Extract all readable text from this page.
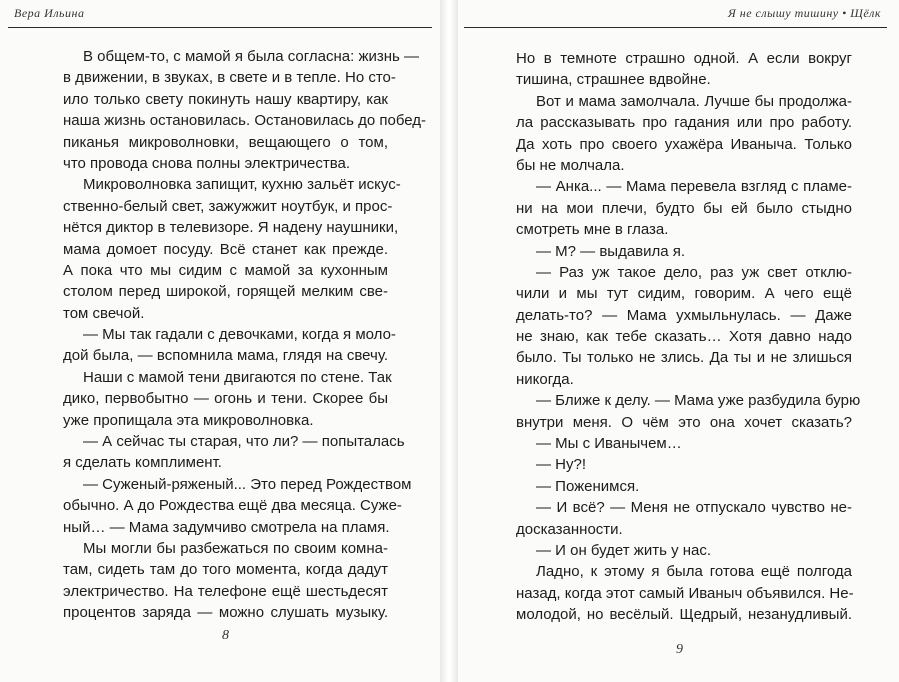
Вера Ильина
В общем-то, с мамой я была согласна: жизнь —
в движении, в звуках, в свете и в тепле. Но сто-
ило только свету покинуть нашу квартиру, как
наша жизнь остановилась. Остановилась до побед-
пиканья микроволновки, вещающего о том,
что провода снова полны электричества.
Микроволновка запищит, кухню зальёт искус-
ственно-белый свет, зажужжит ноутбук, и прос-
нётся диктор в телевизоре. Я надену наушники,
мама домоет посуду. Всё станет как прежде.
А пока что мы сидим с мамой за кухонным
столом перед широкой, горящей мелким све-
том свечой.
— Мы так гадали с девочками, когда я моло-
дой была, — вспомнила мама, глядя на свечу.
Наши с мамой тени двигаются по стене. Так
дико, первобытно — огонь и тени. Скорее бы
уже пропищала эта микроволновка.
— А сейчас ты старая, что ли? — попыталась
я сделать комплимент.
— Суженый-ряженый... Это перед Рождеством
обычно. А до Рождества ещё два месяца. Суже-
ный… — Мама задумчиво смотрела на пламя.
Мы могли бы разбежаться по своим комна-
там, сидеть там до того момента, когда дадут
электричество. На телефоне ещё шестьдесят
процентов заряда — можно слушать музыку.
8
Я не слышу тишину • Щёлк
Но в темноте страшно одной. А если вокруг
тишина, страшнее вдвойне.
Вот и мама замолчала. Лучше бы продолжа-
ла рассказывать про гадания или про работу.
Да хоть про своего ухажёра Иваныча. Только
бы не молчала.
— Анка... — Мама перевела взгляд с пламе-
ни на мои плечи, будто бы ей было стыдно
смотреть мне в глаза.
— М? — выдавила я.
— Раз уж такое дело, раз уж свет отклю-
чили и мы тут сидим, говорим. А чего ещё
делать-то? — Мама ухмыльнулась. — Даже
не знаю, как тебе сказать… Хотя давно надо
было. Ты только не злись. Да ты и не злишься
никогда.
— Ближе к делу. — Мама уже разбудила бурю
внутри меня. О чём это она хочет сказать?
— Мы с Иванычем…
— Ну?!
— Поженимся.
— И всё? — Меня не отпускало чувство не-
досказанности.
— И он будет жить у нас.
Ладно, к этому я была готова ещё полгода
назад, когда этот самый Иваныч объявился. Не-
молодой, но весёлый. Щедрый, незанудливый.
9
